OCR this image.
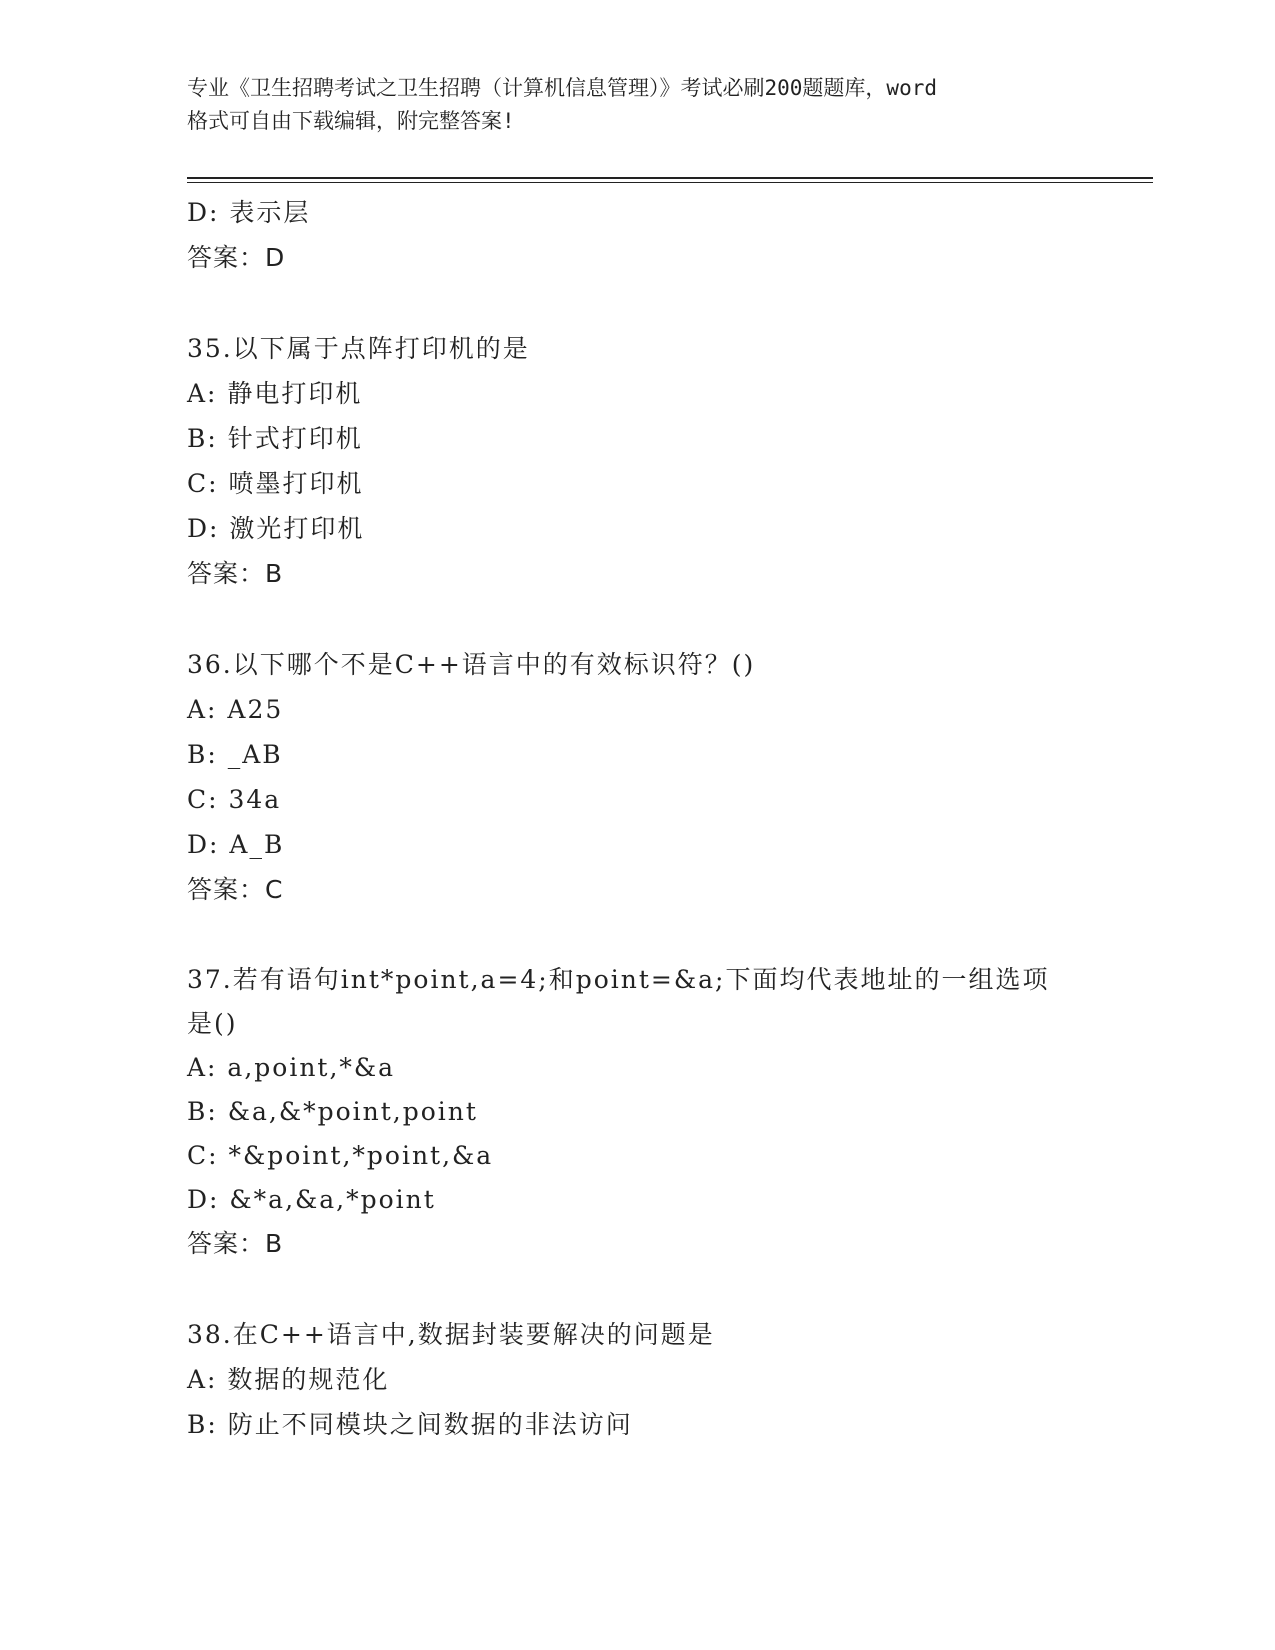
专业《卫生招聘考试之卫生招聘（计算机信息管理）》考试必刷200题题库，word
格式可自由下载编辑，附完整答案!
D: 表示层
答案：D
35.以下属于点阵打印机的是
A: 静电打印机
B: 针式打印机
C: 喷墨打印机
D: 激光打印机
答案：B
36.以下哪个不是C++语言中的有效标识符？()
A: A25
B: _AB
C: 34a
D: A_B
答案：C
37.若有语句int*point,a=4;和point=&a;下面均代表地址的一组选项
是()
A: a,point,*&a
B: &a,&*point,point
C: *&point,*point,&a
D: &*a,&a,*point
答案：B
38.在C++语言中,数据封装要解决的问题是
A: 数据的规范化
B: 防止不同模块之间数据的非法访问
